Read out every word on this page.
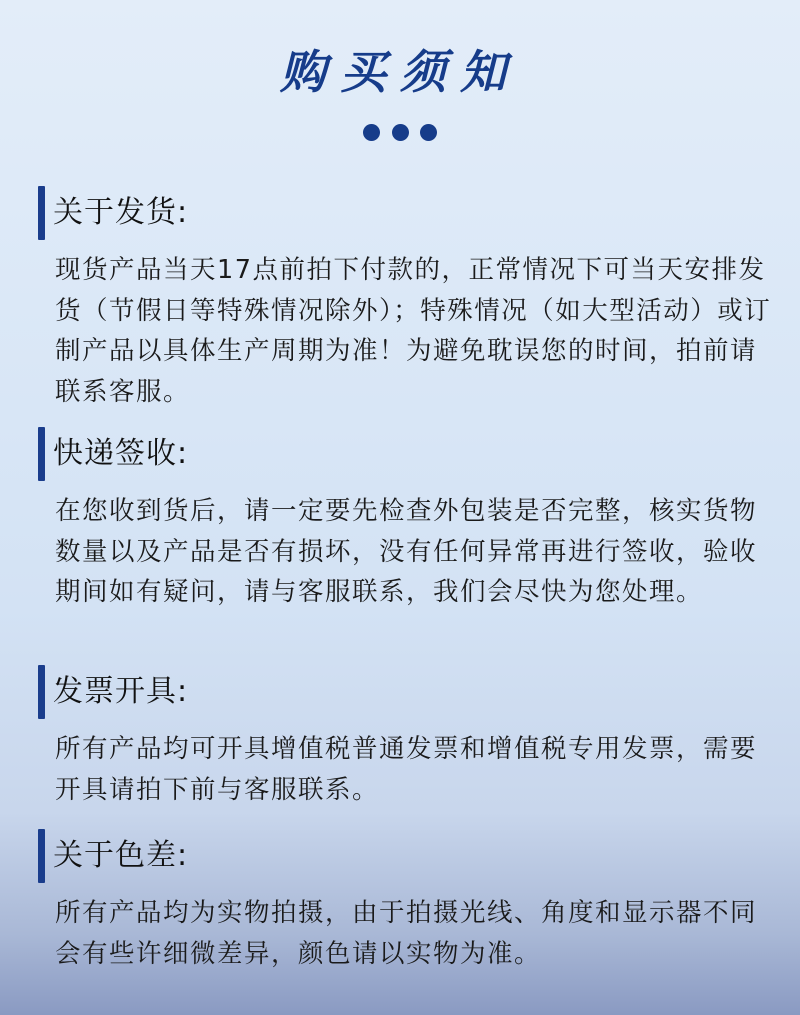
购买须知
关于发货:
现货产品当天17点前拍下付款的，正常情况下可当天安排发货（节假日等特殊情况除外）；特殊情况（如大型活动）或订制产品以具体生产周期为准！为避免耽误您的时间，拍前请联系客服。
快递签收:
在您收到货后，请一定要先检查外包装是否完整，核实货物数量以及产品是否有损坏，没有任何异常再进行签收，验收期间如有疑问，请与客服联系，我们会尽快为您处理。
发票开具:
所有产品均可开具增值税普通发票和增值税专用发票，需要开具请拍下前与客服联系。
关于色差:
所有产品均为实物拍摄，由于拍摄光线、角度和显示器不同会有些许细微差异，颜色请以实物为准。
